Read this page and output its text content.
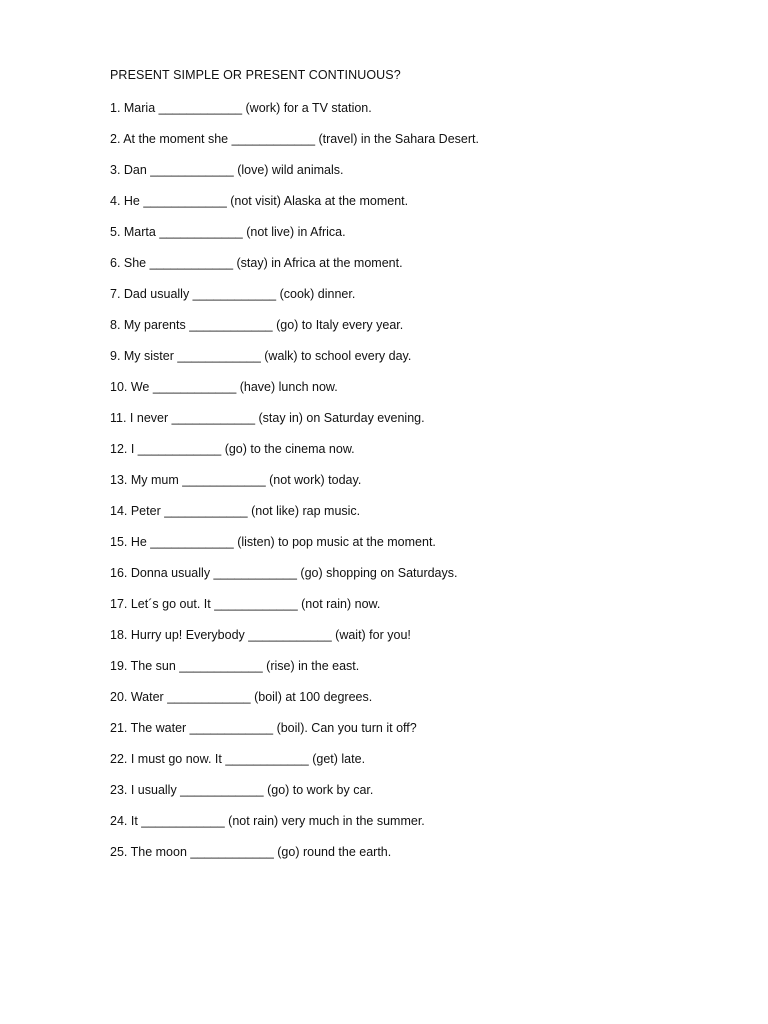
PRESENT SIMPLE OR PRESENT CONTINUOUS?
1. Maria ____________ (work) for a TV station.
2. At the moment she ____________ (travel) in the Sahara Desert.
3. Dan ____________ (love) wild animals.
4. He ____________ (not visit) Alaska at the moment.
5. Marta ____________ (not live) in Africa.
6. She ____________ (stay) in Africa at the moment.
7. Dad usually ____________ (cook) dinner.
8. My parents ____________ (go) to Italy every year.
9. My sister ____________ (walk) to school every day.
10. We ____________ (have) lunch now.
11. I never ____________ (stay in) on Saturday evening.
12. I ____________ (go) to the cinema now.
13. My mum ____________ (not work) today.
14. Peter ____________ (not like) rap music.
15. He ____________ (listen) to pop music at the moment.
16. Donna usually ____________ (go) shopping on Saturdays.
17. Let´s go out. It ____________ (not rain) now.
18. Hurry up! Everybody ____________ (wait) for you!
19. The sun ____________ (rise) in the east.
20. Water ____________ (boil) at 100 degrees.
21. The water ____________ (boil). Can you turn it off?
22. I must go now. It ____________ (get) late.
23. I usually ____________ (go) to work by car.
24. It ____________ (not rain) very much in the summer.
25. The moon ____________ (go) round the earth.
